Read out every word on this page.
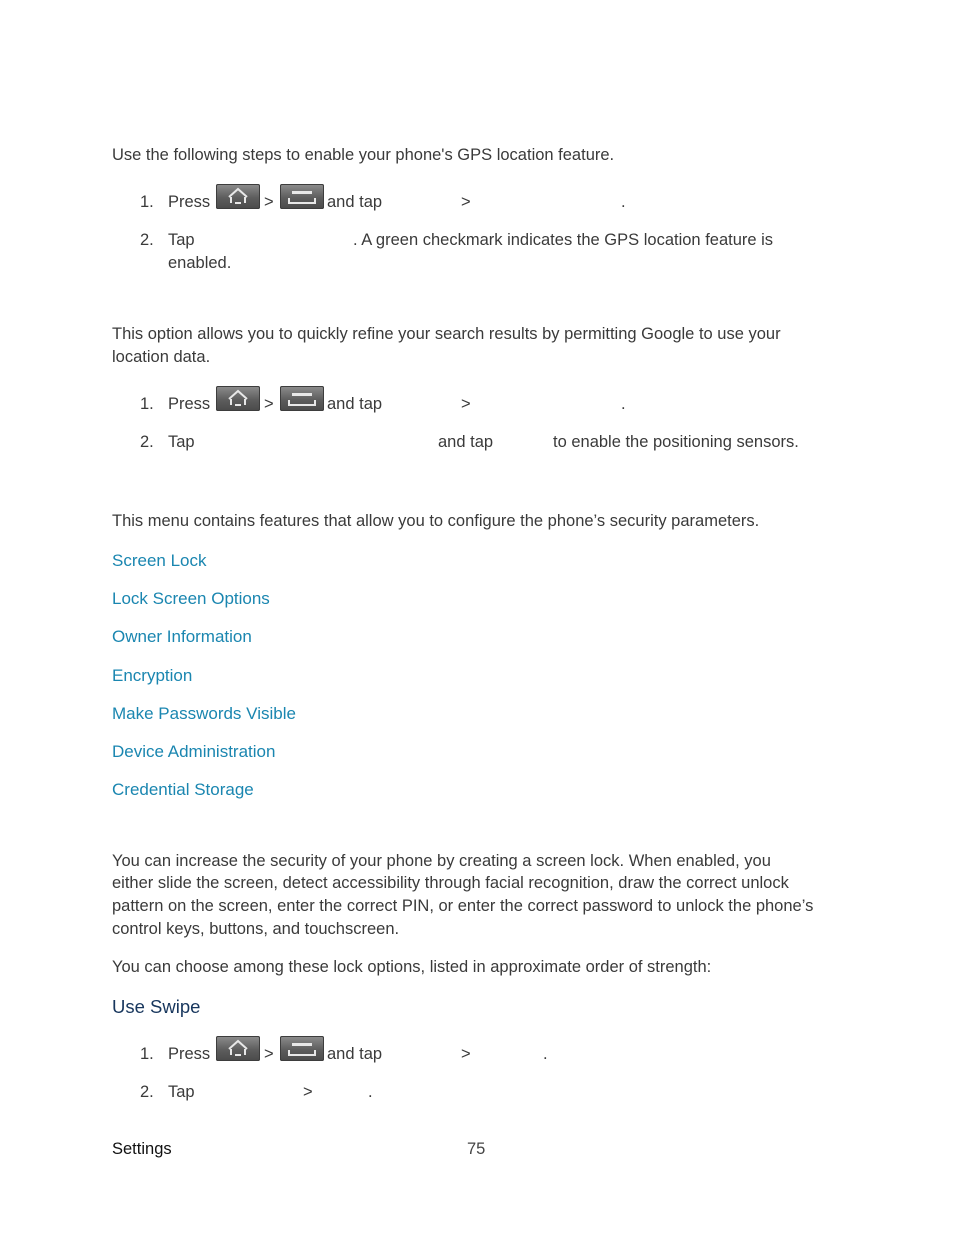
Use the following steps to enable your phone's GPS location feature.
1. Press	>	and tap	>	.
2. Tap	. A green checkmark indicates the GPS location feature is
enabled.
This option allows you to quickly refine your search results by permitting Google to use your
location data.
1. Press	>	and tap	>	.
2. Tap	and tap	to enable the positioning sensors.
This menu contains features that allow you to configure the phone’s security parameters.
Screen Lock
Lock Screen Options
Owner Information
Encryption
Make Passwords Visible
Device Administration
Credential Storage
You can increase the security of your phone by creating a screen lock. When enabled, you
either slide the screen, detect accessibility through facial recognition, draw the correct unlock
pattern on the screen, enter the correct PIN, or enter the correct password to unlock the phone’s
control keys, buttons, and touchscreen.
You can choose among these lock options, listed in approximate order of strength:
Use Swipe
1. Press	>	and tap	>	.
2. Tap	>	.
Settings	75
